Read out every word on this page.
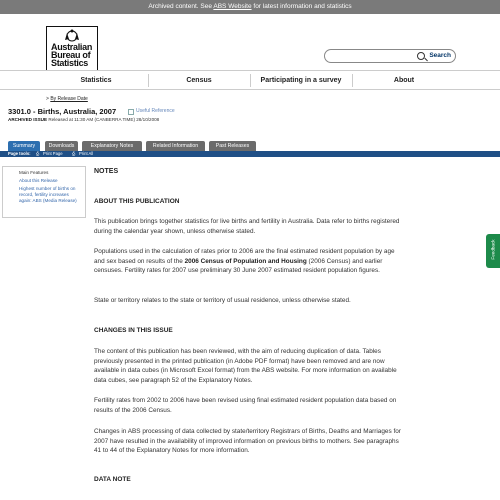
Archived content. See ABS Website for latest information and statistics
Australian
Bureau of
Statistics
Search
Statistics	Census	Participating in a survey	About
> By Release Date
3301.0 - Births, Australia, 2007	Useful Reference
ARCHIVED ISSUE Released at 11:30 AM (CANBERRA TIME) 28/10/2008
Summary	Downloads	Explanatory Notes	Related Information	Past Releases
Page tools: ⎙ Print Page ⎙ Print All
Main Features
About this Release
Highest number of births on record, fertility increases again: ABS (Media Release)
NOTES
ABOUT THIS PUBLICATION
This publication brings together statistics for live births and fertility in Australia. Data refer to births registered during the calendar year shown, unless otherwise stated.
Populations used in the calculation of rates prior to 2006 are the final estimated resident population by age and sex based on results of the 2006 Census of Population and Housing (2006 Census) and earlier censuses. Fertility rates for 2007 use preliminary 30 June 2007 estimated resident population figures.
State or territory relates to the state or territory of usual residence, unless otherwise stated.
CHANGES IN THIS ISSUE
The content of this publication has been reviewed, with the aim of reducing duplication of data. Tables previously presented in the printed publication (in Adobe PDF format) have been removed and are now available in data cubes (in Microsoft Excel format) from the ABS website. For more information on available data cubes, see paragraph 52 of the Explanatory Notes.
Fertility rates from 2002 to 2006 have been revised using final estimated resident population data based on results of the 2006 Census.
Changes in ABS processing of data collected by state/territory Registrars of Births, Deaths and Marriages for 2007 have resulted in the availability of improved information on previous births to mothers. See paragraphs 41 to 44 of the Explanatory Notes for more information.
DATA NOTE
Feedback
